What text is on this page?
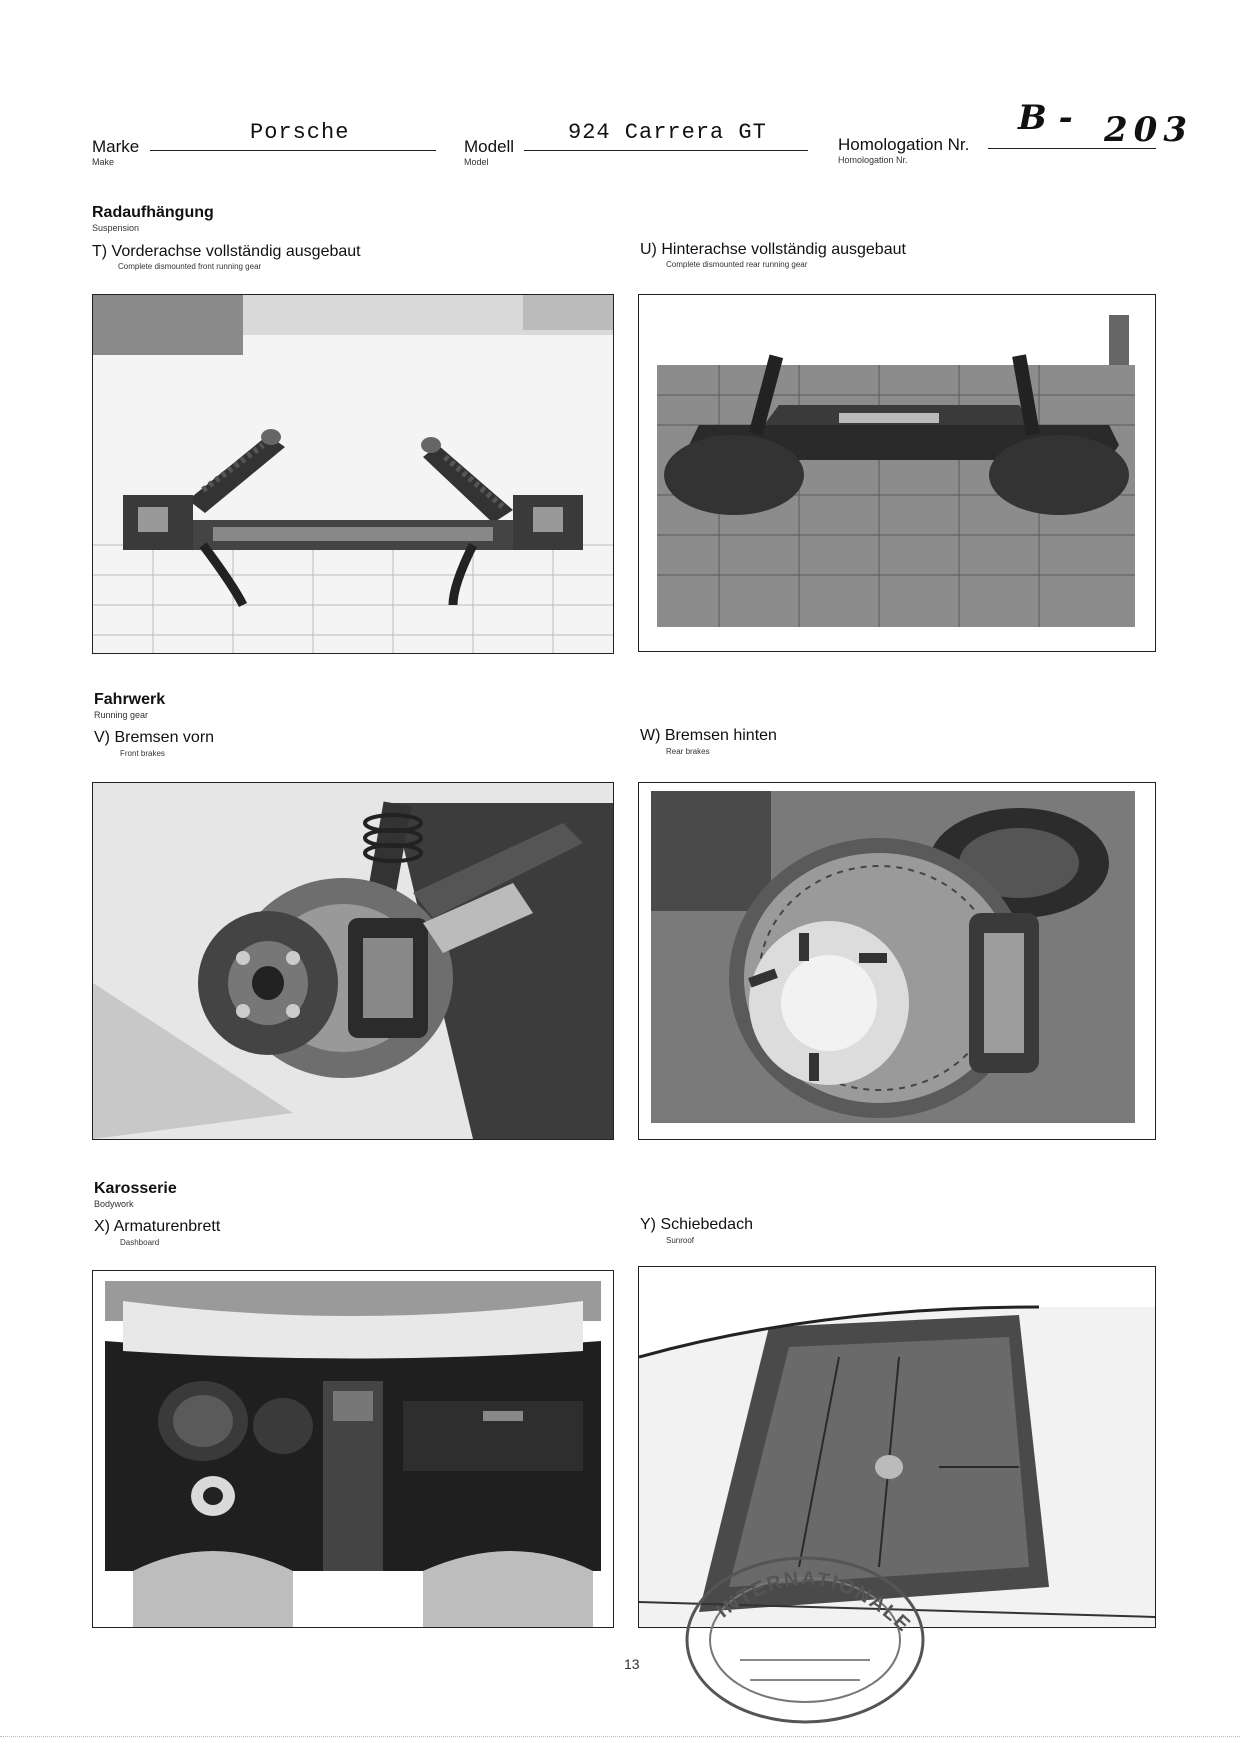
Marke
Make
Porsche
Modell
Model
924 Carrera GT	Homologation Nr.
Homologation Nr.
B - 203
Radaufhängung
Suspension
T) Vorderachse vollständig ausgebaut
Complete dismounted front running gear
U) Hinterachse vollständig ausgebaut
Complete dismounted rear running gear
Fahrwerk
Running gear
V) Bremsen vorn
Front brakes
W) Bremsen hinten
Rear brakes
Karosserie
Bodywork
X) Armaturenbrett
Dashboard
Y) Schiebedach
Sunroof
INTERNATIONALE
13
